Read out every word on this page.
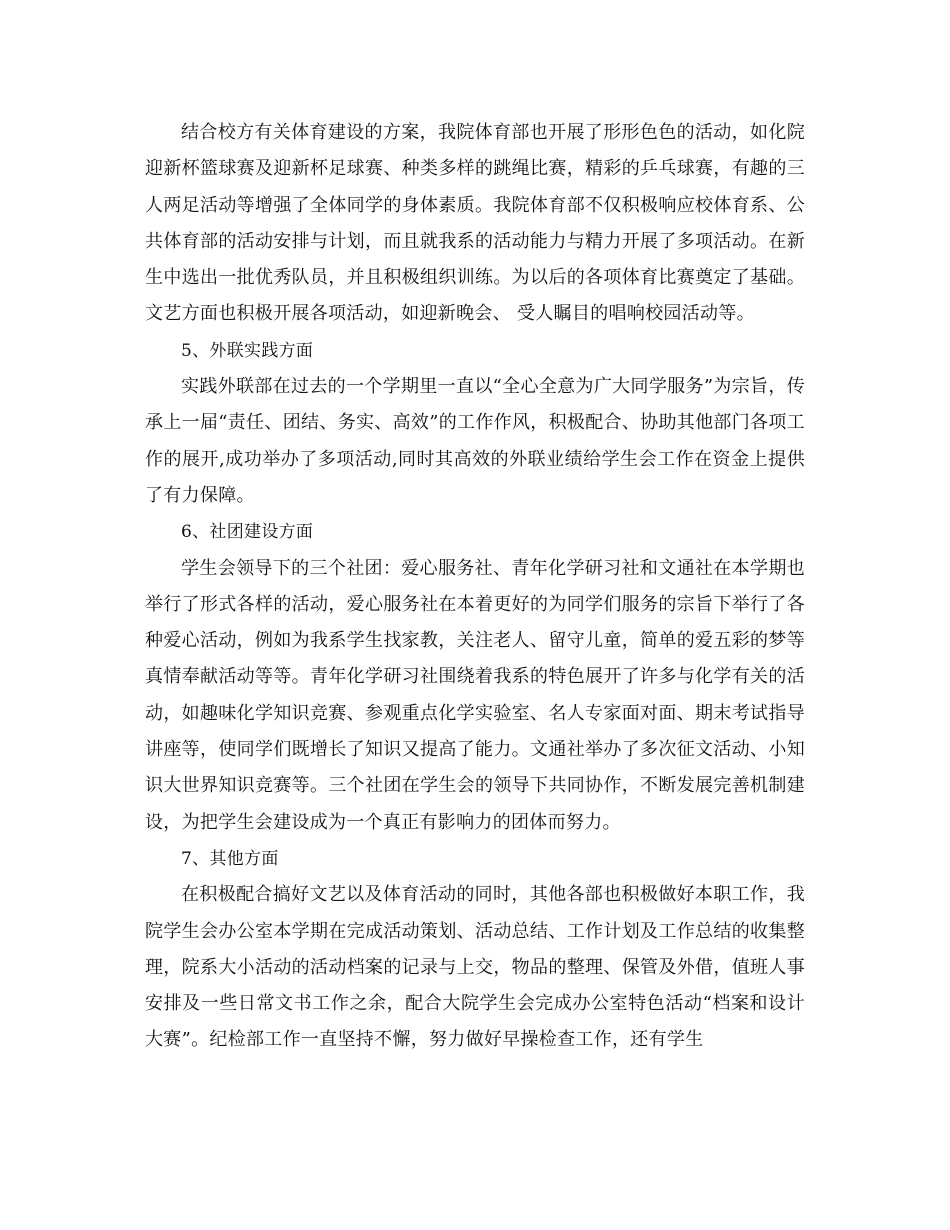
结合校方有关体育建设的方案，我院体育部也开展了形形色色的活动，如化院迎新杯篮球赛及迎新杯足球赛、种类多样的跳绳比赛，精彩的乒乓球赛，有趣的三人两足活动等增强了全体同学的身体素质。我院体育部不仅积极响应校体育系、公共体育部的活动安排与计划，而且就我系的活动能力与精力开展了多项活动。在新生中选出一批优秀队员，并且积极组织训练。为以后的各项体育比赛奠定了基础。文艺方面也积极开展各项活动，如迎新晚会、 受人瞩目的唱响校园活动等。

5、外联实践方面

实践外联部在过去的一个学期里一直以“全心全意为广大同学服务”为宗旨，传承上一届“责任、团结、务实、高效”的工作作风，积极配合、协助其他部门各项工作的展开,成功举办了多项活动,同时其高效的外联业绩给学生会工作在资金上提供了有力保障。

6、社团建设方面

学生会领导下的三个社团：爱心服务社、青年化学研习社和文通社在本学期也举行了形式各样的活动，爱心服务社在本着更好的为同学们服务的宗旨下举行了各种爱心活动，例如为我系学生找家教，关注老人、留守儿童，简单的爱五彩的梦等真情奉献活动等等。青年化学研习社围绕着我系的特色展开了许多与化学有关的活动，如趣味化学知识竞赛、参观重点化学实验室、名人专家面对面、期末考试指导讲座等，使同学们既增长了知识又提高了能力。文通社举办了多次征文活动、小知识大世界知识竞赛等。三个社团在学生会的领导下共同协作，不断发展完善机制建设，为把学生会建设成为一个真正有影响力的团体而努力。

7、其他方面

在积极配合搞好文艺以及体育活动的同时，其他各部也积极做好本职工作，我院学生会办公室本学期在完成活动策划、活动总结、工作计划及工作总结的收集整理，院系大小活动的活动档案的记录与上交，物品的整理、保管及外借，值班人事安排及一些日常文书工作之余，配合大院学生会完成办公室特色活动“档案和设计大赛”。纪检部工作一直坚持不懈，努力做好早操检查工作，还有学生
